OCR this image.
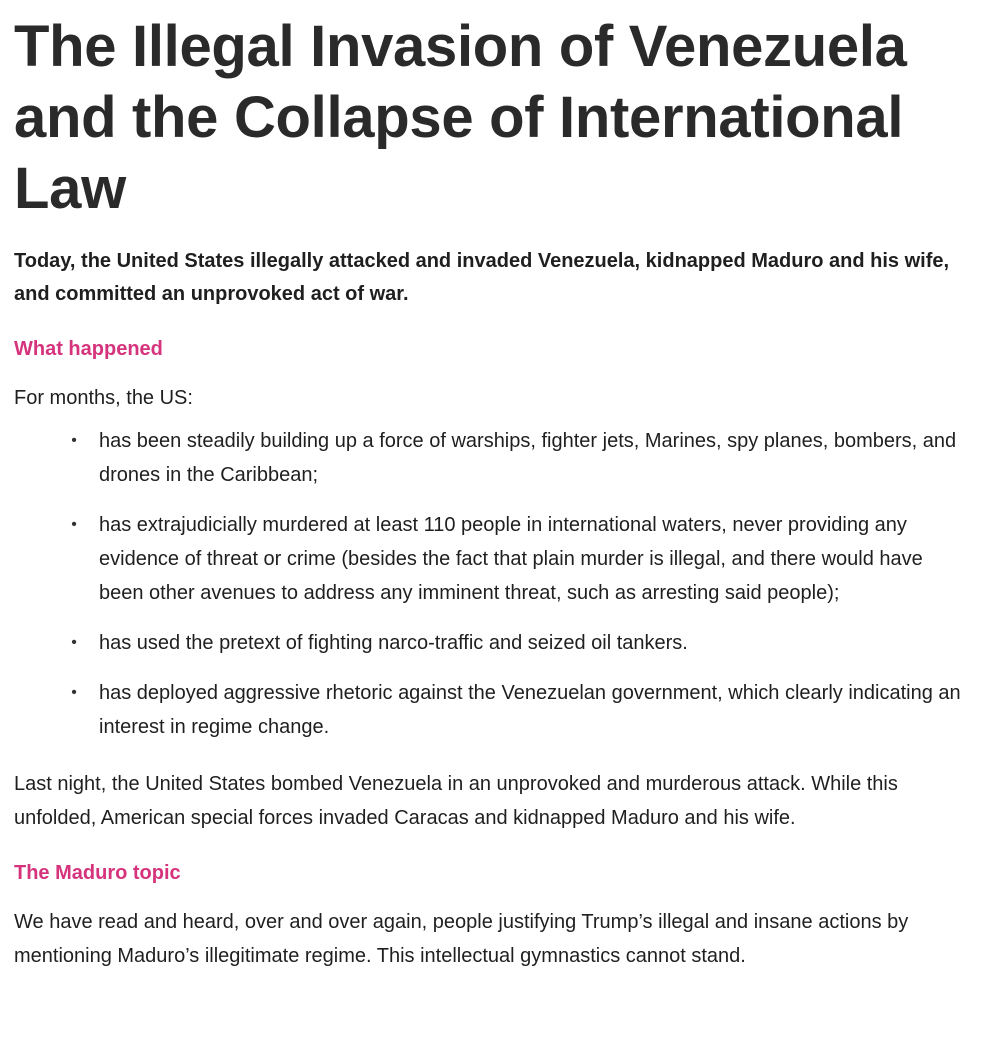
The Illegal Invasion of Venezuela and the Collapse of International Law

Today, the United States illegally attacked and invaded Venezuela, kidnapped Maduro and his wife, and committed an unprovoked act of war.

What happened

For months, the US:

• has been steadily building up a force of warships, fighter jets, Marines, spy planes, bombers, and drones in the Caribbean;
• has extrajudicially murdered at least 110 people in international waters, never providing any evidence of threat or crime (besides the fact that plain murder is illegal, and there would have been other avenues to address any imminent threat, such as arresting said people);
• has used the pretext of fighting narco-traffic and seized oil tankers.
• has deployed aggressive rhetoric against the Venezuelan government, which clearly indicating an interest in regime change.

Last night, the United States bombed Venezuela in an unprovoked and murderous attack. While this unfolded, American special forces invaded Caracas and kidnapped Maduro and his wife.

The Maduro topic

We have read and heard, over and over again, people justifying Trump’s illegal and insane actions by mentioning Maduro’s illegitimate regime. This intellectual gymnastics cannot stand.
